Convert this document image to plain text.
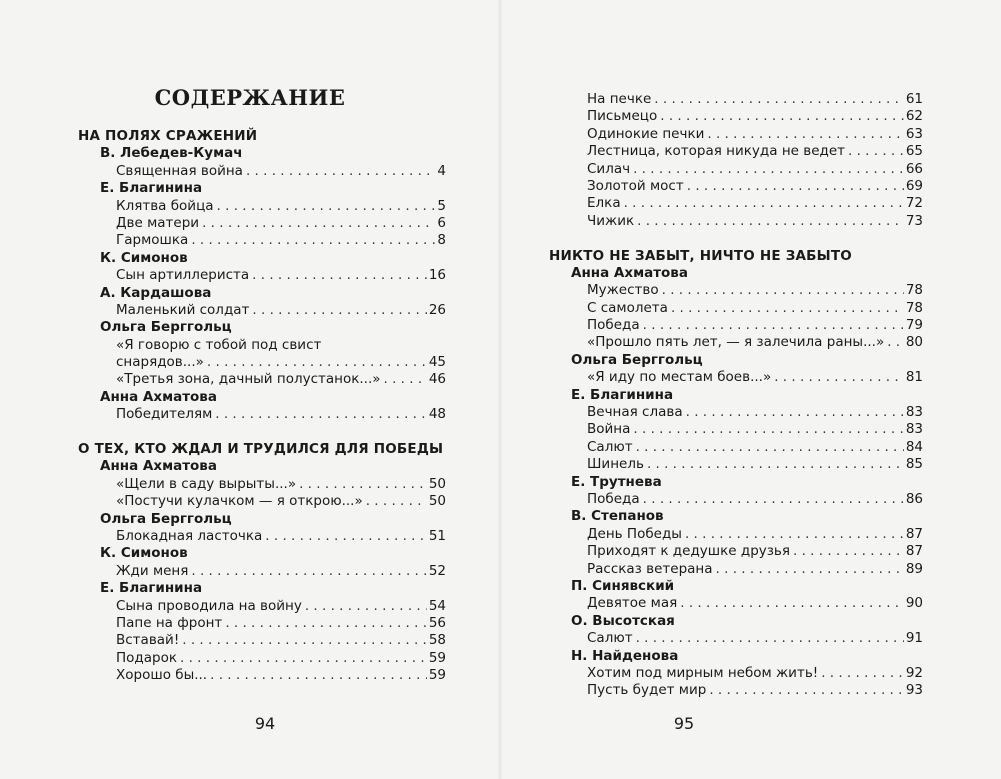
СОДЕРЖАНИЕ
НА ПОЛЯХ СРАЖЕНИЙ
В. Лебедев-Кумач
Священная война . . .	4
Е. Благинина
Клятва бойца . . .	5
Две матери . . .	6
Гармошка . . .	8
К. Симонов
Сын артиллериста . . .	16
А. Кардашова
Маленький солдат . . .	26
Ольга Берггольц
«Я говорю с тобой под свист
снарядов...» . . .	45
«Третья зона, дачный полустанок...» . . .	46
Анна Ахматова
Победителям . . .	48
О ТЕХ, КТО ЖДАЛ И ТРУДИЛСЯ ДЛЯ ПОБЕДЫ
Анна Ахматова
«Щели в саду вырыты...» . . .	50
«Постучи кулачком — я открою...» . . .	50
Ольга Берггольц
Блокадная ласточка . . .	51
К. Симонов
Жди меня . . .	52
Е. Благинина
Сына проводила на войну . . .	54
Папе на фронт . . .	56
Вставай! . . .	58
Подарок . . .	59
Хорошо бы... . . .	59
94
На печке . . .	61
Письмецо . . .	62
Одинокие печки . . .	63
Лестница, которая никуда не ведет . . .	65
Силач . . .	66
Золотой мост . . .	69
Елка . . .	72
Чижик . . .	73
НИКТО НЕ ЗАБЫТ, НИЧТО НЕ ЗАБЫТО
Анна Ахматова
Мужество . . .	78
С самолета . . .	78
Победа . . .	79
«Прошло пять лет, — я залечила раны...» . . . 80
Ольга Берггольц
«Я иду по местам боев...» . . .	81
Е. Благинина
Вечная слава . . .	83
Война . . .	83
Салют . . .	84
Шинель . . .	85
Е. Трутнева
Победа . . .	86
В. Степанов
День Победы . . .	87
Приходят к дедушке друзья . . .	87
Рассказ ветерана . . .	89
П. Синявский
Девятое мая . . .	90
О. Высотская
Салют . . .	91
Н. Найденова
Хотим под мирным небом жить! . . .	92
Пусть будет мир . . .	93
95
